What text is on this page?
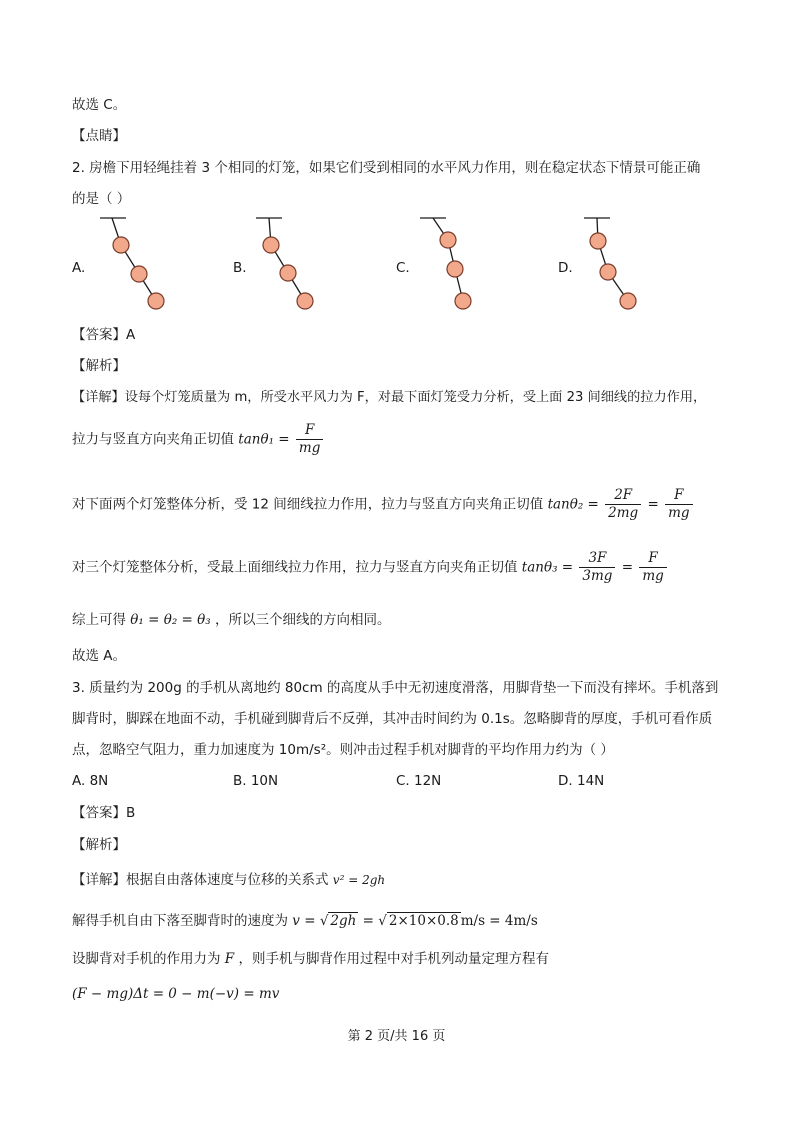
故选 C。
【点睛】
2. 房檐下用轻绳挂着 3 个相同的灯笼，如果它们受到相同的水平风力作用，则在稳定状态下情景可能正确
的是（ ）
A.	B.	C.	D.
【答案】A
【解析】
【详解】设每个灯笼质量为 m，所受水平风力为 F，对最下面灯笼受力分析，受上面 23 间细线的拉力作用，
拉力与竖直方向夹角正切值 $\tan\theta_1 = \frac{F}{mg}$
对下面两个灯笼整体分析，受 12 间细线拉力作用，拉力与竖直方向夹角正切值 $\tan\theta_2 = \frac{2F}{2mg} = \frac{F}{mg}$
对三个灯笼整体分析，受最上面细线拉力作用，拉力与竖直方向夹角正切值 $\tan\theta_3 = \frac{3F}{3mg} = \frac{F}{mg}$
综上可得 θ₁ = θ₂ = θ₃ ，所以三个细线的方向相同。
故选 A。
3. 质量约为 200g 的手机从离地约 80cm 的高度从手中无初速度滑落，用脚背垫一下而没有摔坏。手机落到
脚背时，脚踩在地面不动，手机碰到脚背后不反弹，其冲击时间约为 0.1s。忽略脚背的厚度，手机可看作质
点，忽略空气阻力，重力加速度为 10m/s²。则冲击过程手机对脚背的平均作用力约为（ ）
A. 8N	B. 10N	C. 12N	D. 14N
【答案】B
【解析】
【详解】根据自由落体速度与位移的关系式 v² = 2gh
解得手机自由下落至脚背时的速度为 v = √ 2gh = √ 2×10×0.8 m/s = 4m/s
设脚背对手机的作用力为 F ，则手机与脚背作用过程中对手机列动量定理方程有
(F − mg)Δt = 0 − m(−v) = mv
第 2 页/共 16 页
